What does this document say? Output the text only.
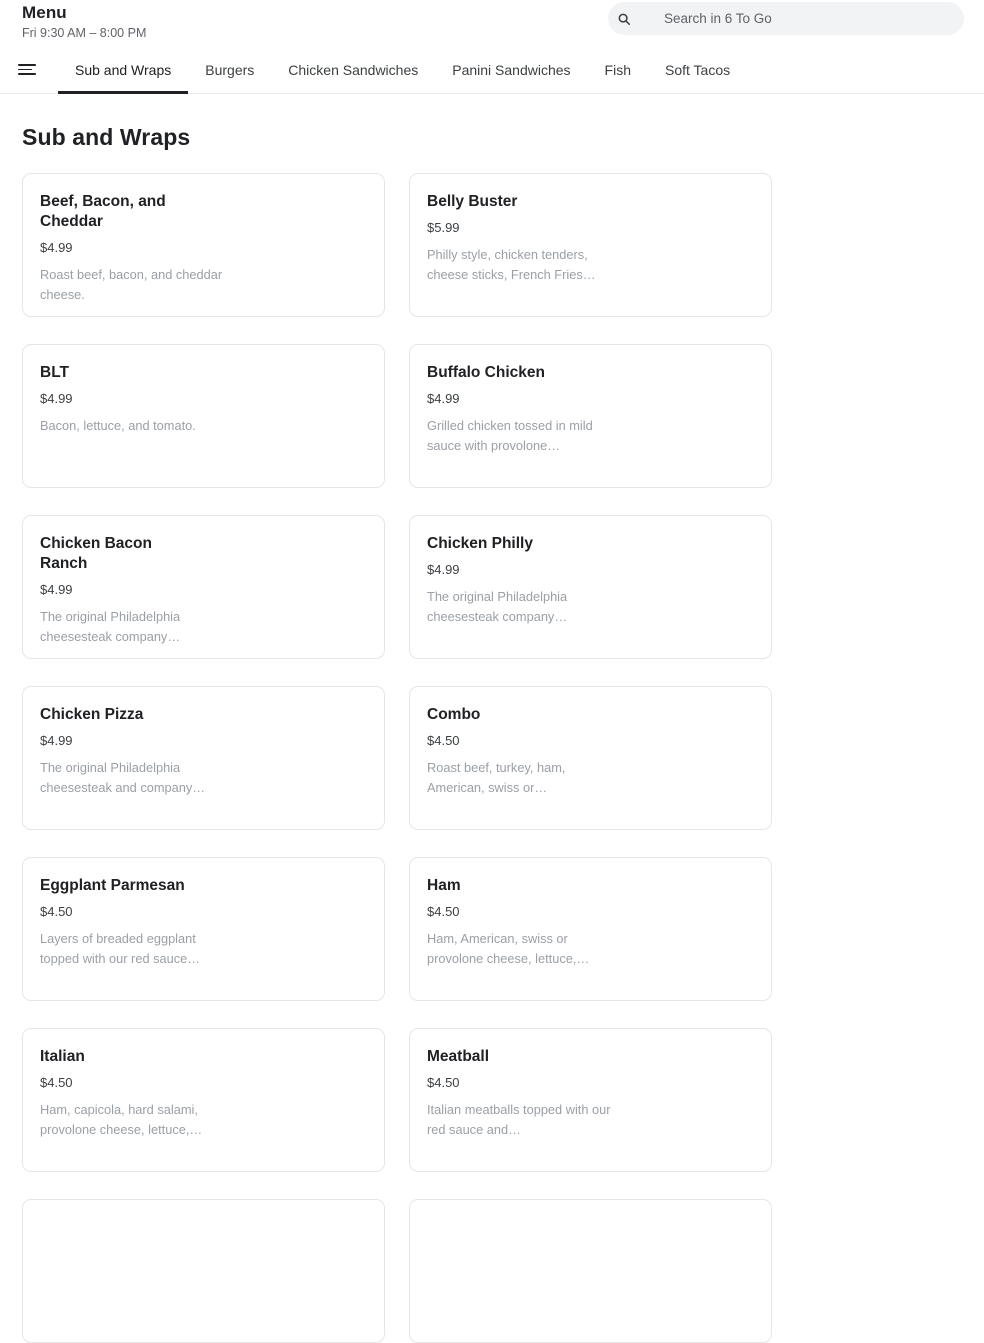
Menu
Fri 9:30 AM – 8:00 PM
Search in 6 To Go
Sub and Wraps Burgers Chicken Sandwiches Panini Sandwiches Fish Soft Tacos
Sub and Wraps
Beef, Bacon, and Cheddar
$4.99
Roast beef, bacon, and cheddar cheese.
Belly Buster
$5.99
Philly style, chicken tenders, cheese sticks, French Fries…
BLT
$4.99
Bacon, lettuce, and tomato.
Buffalo Chicken
$4.99
Grilled chicken tossed in mild sauce with provolone…
Chicken Bacon Ranch
$4.99
The original Philadelphia cheesesteak company…
Chicken Philly
$4.99
The original Philadelphia cheesesteak company…
Chicken Pizza
$4.99
The original Philadelphia cheesesteak and company…
Combo
$4.50
Roast beef, turkey, ham, American, swiss or…
Eggplant Parmesan
$4.50
Layers of breaded eggplant topped with our red sauce…
Ham
$4.50
Ham, American, swiss or provolone cheese, lettuce,…
Italian
$4.50
Ham, capicola, hard salami, provolone cheese, lettuce,…
Meatball
$4.50
Italian meatballs topped with our red sauce and…
